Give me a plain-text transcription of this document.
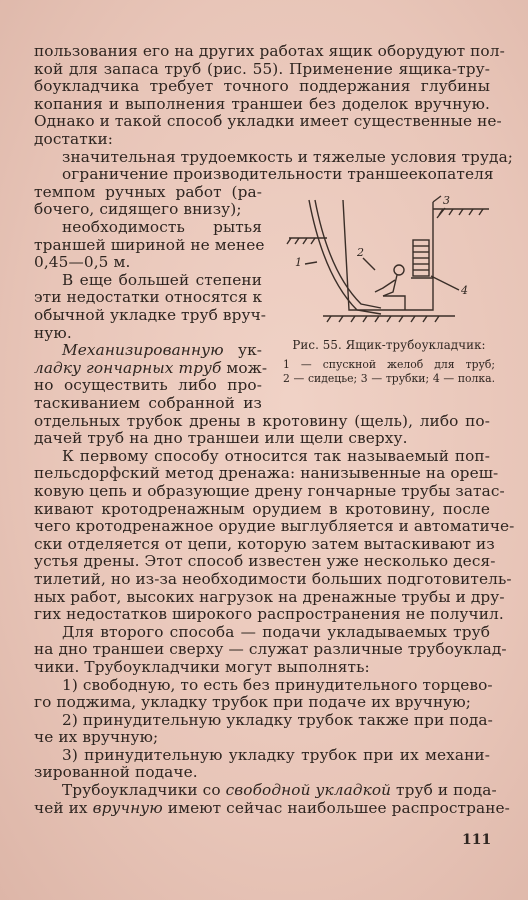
пользования его на других работах ящик оборудуют пол-
кой для запаса труб (рис. 55). Применение ящика-тру-
боукладчика требует точного поддержания глубины
копания и выполнения траншеи без доделок вручную.
Однако и такой способ укладки имеет существенные не-
достатки:
значительная трудоемкость и тяжелые условия труда;
ограничение производительности траншеекопателя
темпом ручных работ (ра-
бочего, сидящего внизу);
необходимость рытья
траншей шириной не менее
0,45—0,5 м.
В еще большей степени
эти недостатки относятся к
обычной укладке труб вруч-
ную.
Механизированную ук-
ладку гончарных труб мож-
но осуществить либо про-
таскиванием собранной из
отдельных трубок дрены в кротовину (щель), либо по-
дачей труб на дно траншеи или щели сверху.
К первому способу относится так называемый поп-
пельсдорфский метод дренажа: нанизывенные на ореш-
ковую цепь и образующие дрену гончарные трубы затас-
кивают кротодренажным орудием в кротовину, после
чего кротодренажное орудие выглубляется и автоматиче-
ски отделяется от цепи, которую затем вытаскивают из
устья дрены. Этот способ известен уже несколько деся-
тилетий, но из-за необходимости больших подготовитель-
ных работ, высоких нагрузок на дренажные трубы и дру-
гих недостатков широкого распространения не получил.
Для второго способа — подачи укладываемых труб
на дно траншеи сверху — служат различные трубоуклад-
чики. Трубоукладчики могут выполнять:
1) свободную, то есть без принудительного торцево-
го поджима, укладку трубок при подаче их вручную;
2) принудительную укладку трубок также при пода-
че их вручную;
3) принудительную укладку трубок при их механи-
зированной подаче.
Трубоукладчики со свободной укладкой труб и пода-
чей их вручную имеют сейчас наибольшее распростране-
1
2
3
4
Рис. 55. Ящик-трубоукладчик:
1 — спускной желоб для труб;
2 — сидецье; 3 — трубки; 4 — полка.
111
